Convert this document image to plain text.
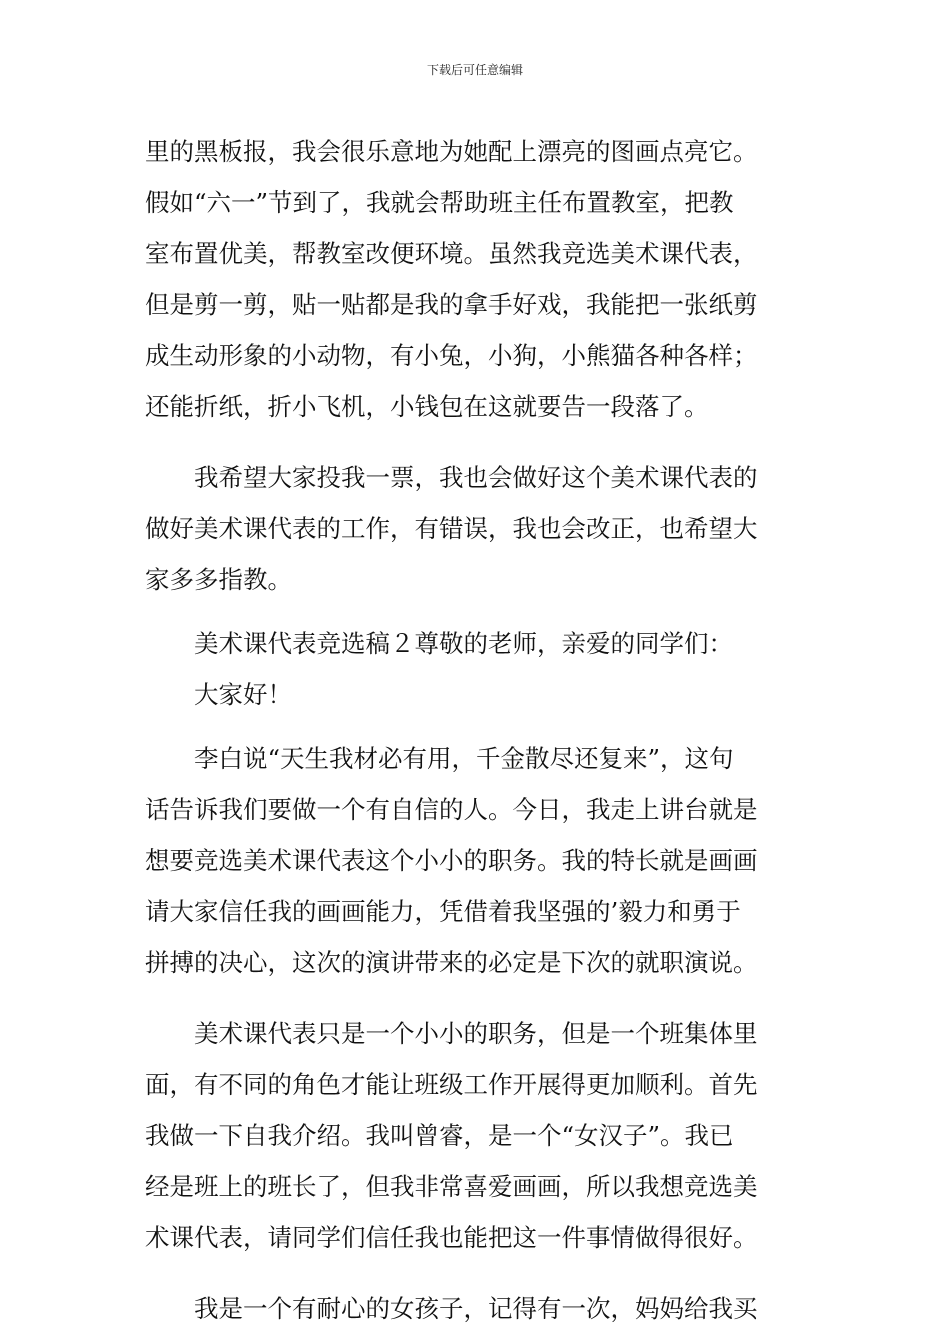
下载后可任意编辑
里的黑板报，我会很乐意地为她配上漂亮的图画点亮它。
假如“六一”节到了，我就会帮助班主任布置教室，把教
室布置优美，帮教室改便环境。虽然我竞选美术课代表，
但是剪一剪，贴一贴都是我的拿手好戏，我能把一张纸剪
成生动形象的小动物，有小兔，小狗，小熊猫各种各样；
还能折纸，折小飞机，小钱包在这就要告一段落了。
我希望大家投我一票，我也会做好这个美术课代表的
做好美术课代表的工作，有错误，我也会改正，也希望大
家多多指教。
美术课代表竞选稿２尊敬的老师，亲爱的同学们：
大家好！
李白说“天生我材必有用，千金散尽还复来”，这句
话告诉我们要做一个有自信的人。今日，我走上讲台就是
想要竞选美术课代表这个小小的职务。我的特长就是画画
请大家信任我的画画能力，凭借着我坚强的’毅力和勇于
拼搏的决心，这次的演讲带来的必定是下次的就职演说。
美术课代表只是一个小小的职务，但是一个班集体里
面，有不同的角色才能让班级工作开展得更加顺利。首先
我做一下自我介绍。我叫曾睿，是一个“女汉子”。我已
经是班上的班长了，但我非常喜爱画画，所以我想竞选美
术课代表，请同学们信任我也能把这一件事情做得很好。
我是一个有耐心的女孩子，记得有一次，妈妈给我买
